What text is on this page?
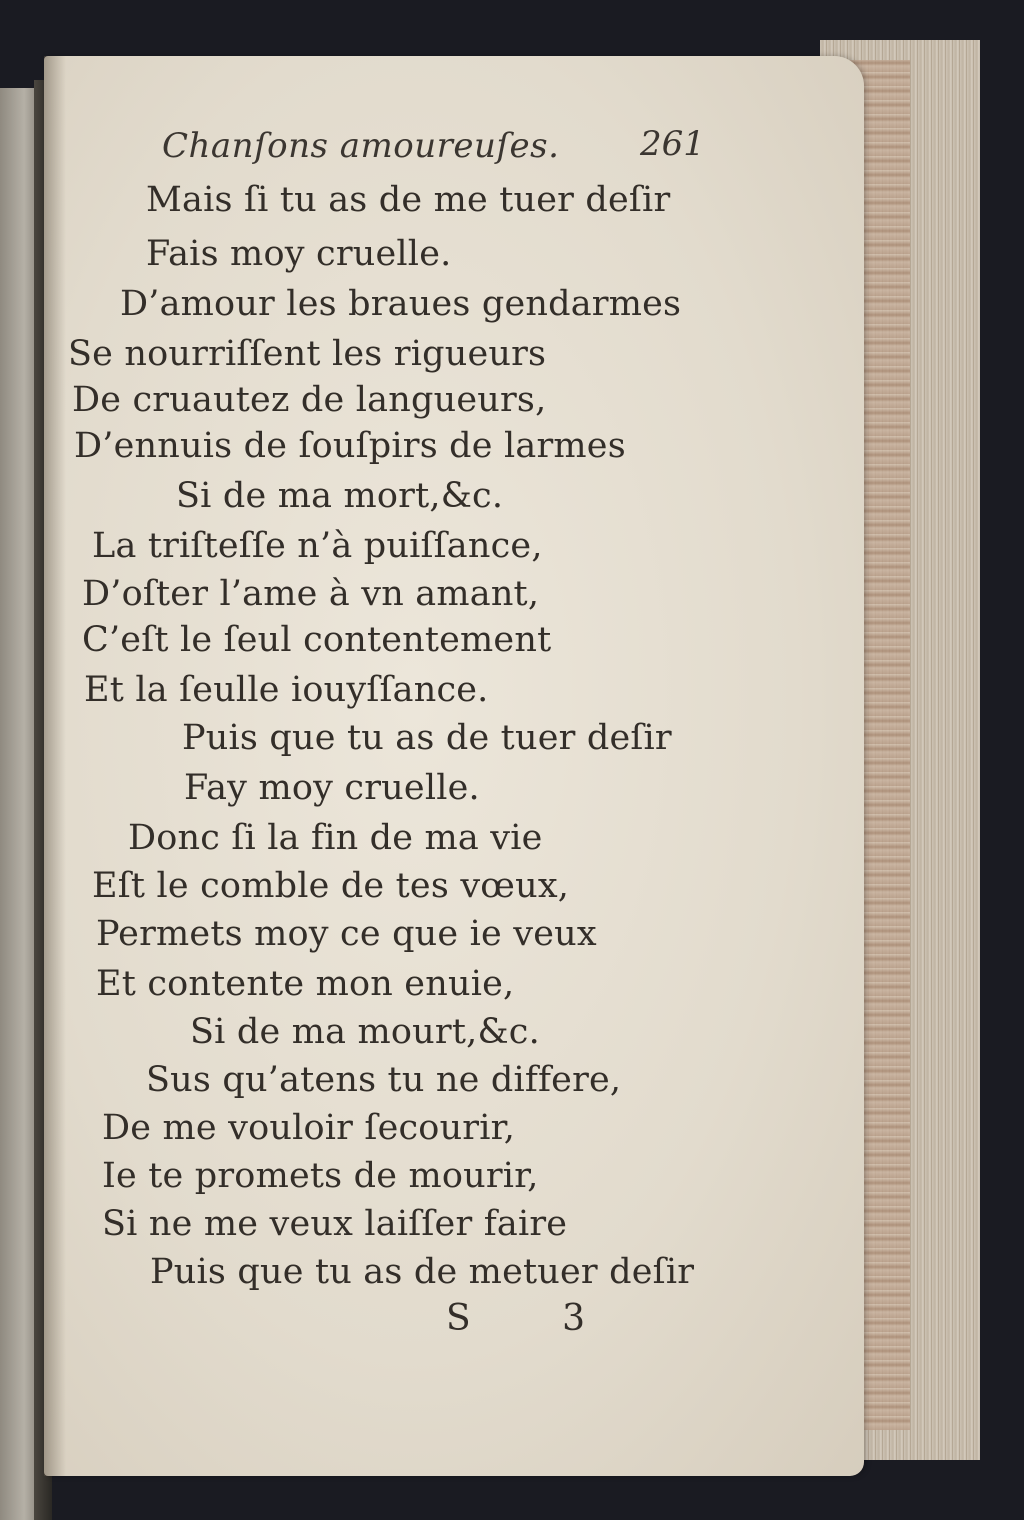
Chanſons amoureuſes. 261
Mais ſi tu as de me tuer deſir
Fais moy cruelle.
D’amour les braues gendarmes
Se nourriſſent les rigueurs
De cruautez de langueurs,
D’ennuis de ſouſpirs de larmes
Si de ma mort,&c.
La triſteſſe n’à puiſſance,
D’oſter l’ame à vn amant,
C’eſt le ſeul contentement
Et la ſeulle iouyſſance.
Puis que tu as de tuer deſir
Fay moy cruelle.
Donc ſi la fin de ma vie
Eſt le comble de tes vœux,
Permets moy ce que ie veux
Et contente mon enuie,
Si de ma mourt,&c.
Sus qu’atens tu ne differe,
De me vouloir ſecourir,
Ie te promets de mourir,
Si ne me veux laiſſer faire
Puis que tu as de metuer deſir
S 3
